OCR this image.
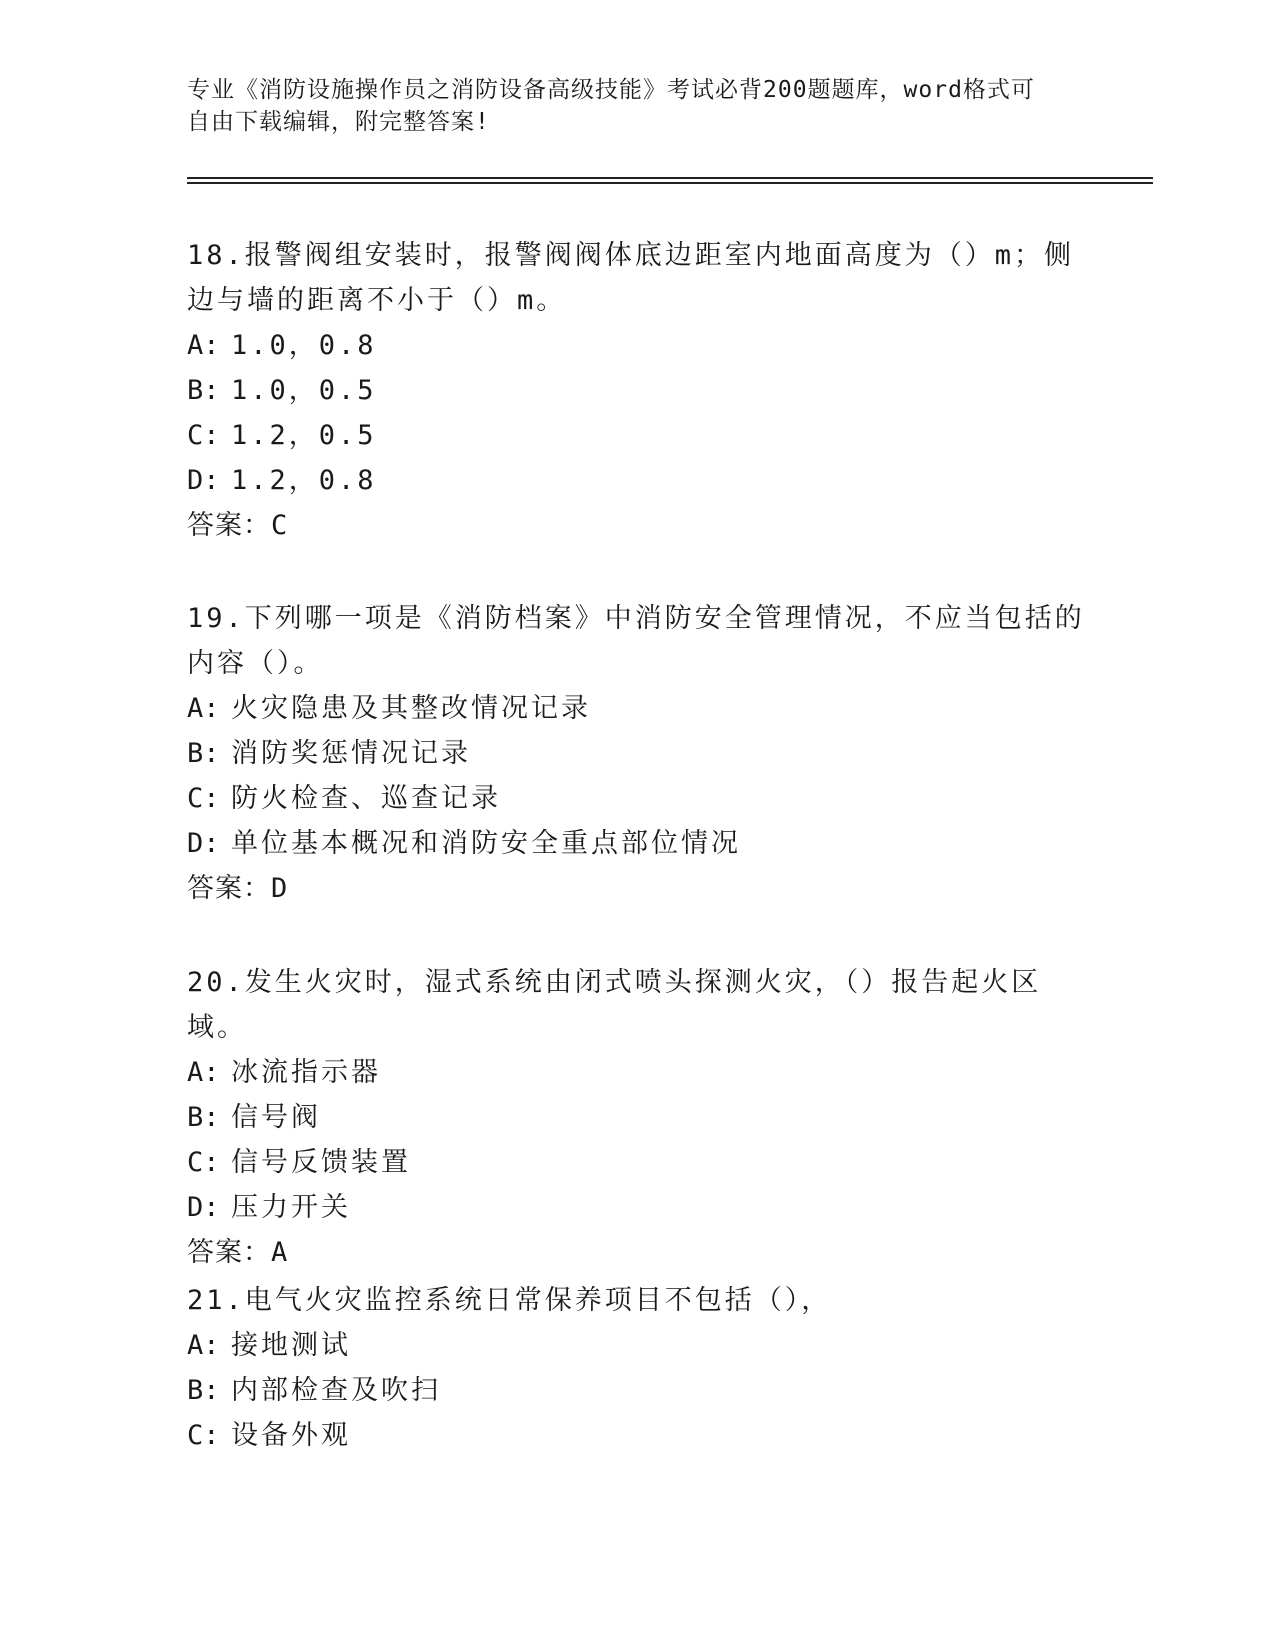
专业《消防设施操作员之消防设备高级技能》考试必背200题题库，word格式可
自由下载编辑，附完整答案!
18.报警阀组安装时，报警阀阀体底边距室内地面高度为（）m；侧边与墙的距离不小于（）m。
A: 1.0，0.8
B: 1.0，0.5
C: 1.2，0.5
D: 1.2，0.8
答案：C
19.下列哪一项是《消防档案》中消防安全管理情况，不应当包括的内容（）。
A: 火灾隐患及其整改情况记录
B: 消防奖惩情况记录
C: 防火检查、巡查记录
D: 单位基本概况和消防安全重点部位情况
答案：D
20.发生火灾时，湿式系统由闭式喷头探测火灾，（）报告起火区域。
A: 冰流指示器
B: 信号阀
C: 信号反馈装置
D: 压力开关
答案：A
21.电气火灾监控系统日常保养项目不包括（），
A: 接地测试
B: 内部检查及吹扫
C: 设备外观
